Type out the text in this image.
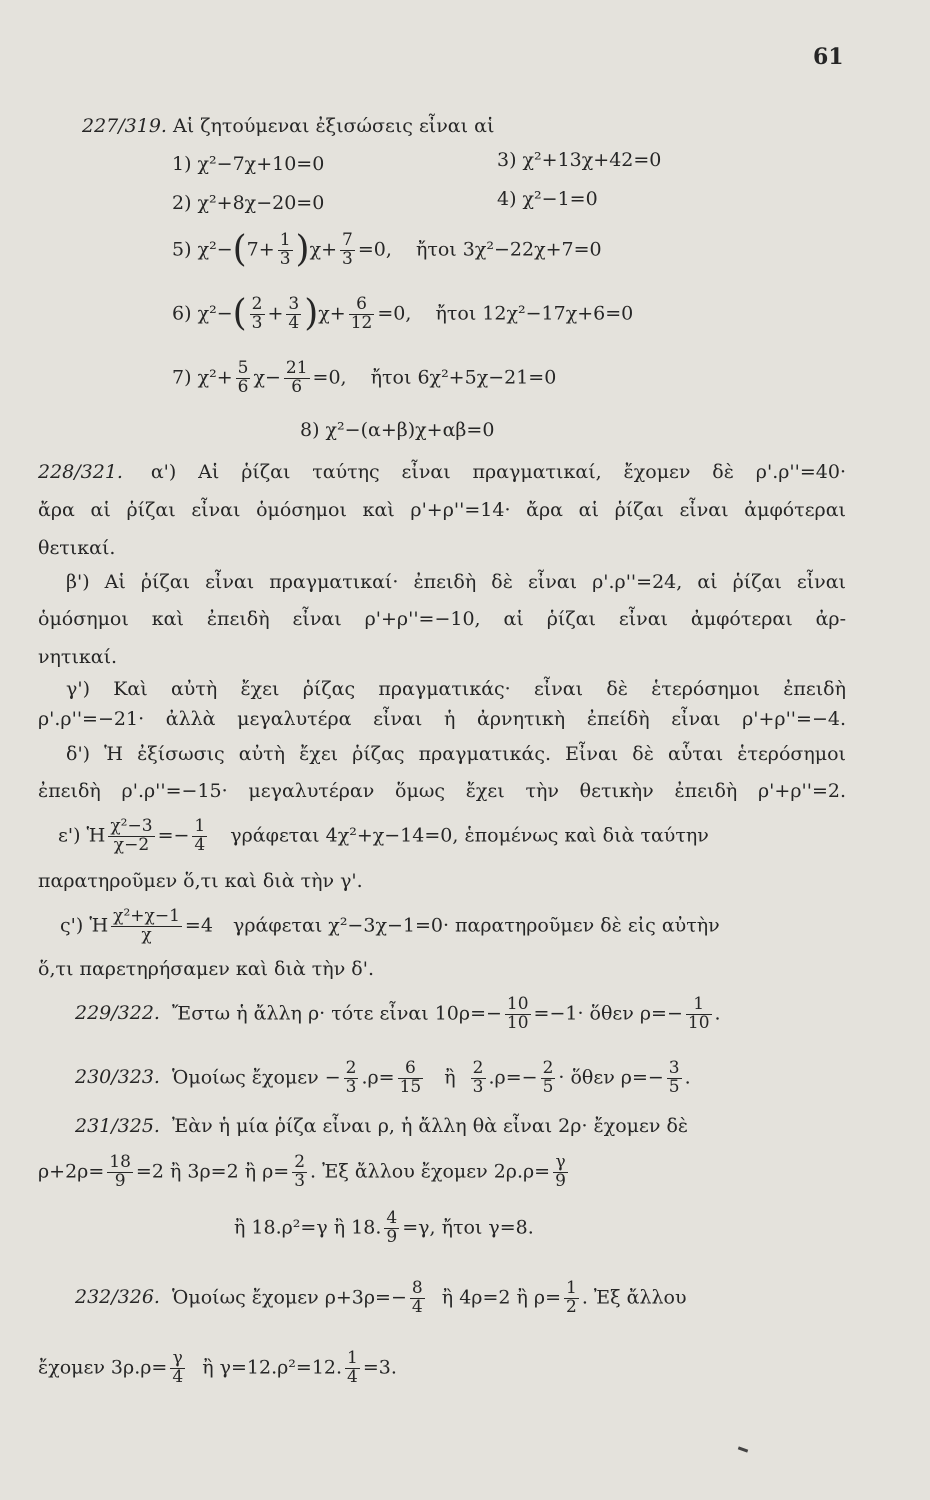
61
227/319. Αἱ ζητούμεναι ἐξισώσεις εἶναι αἱ
1) χ²−7χ+10=0	3) χ²+13χ+42=0
2) χ²+8χ−20=0	4) χ²−1=0
5) $\chi^2-(7+ \frac{1}{3} )\chi+ \frac{7}{3} =0$, ἤτοι 3χ²−22χ+7=0
6) $\chi^2-( \frac{2}{3} + \frac{3}{4} )\chi+ \frac{6}{12} =0$, ἤτοι 12χ²−17χ+6=0
7) $\chi^2+ \frac{5}{6} \chi- \frac{21}{6} =0$, ἤτοι 6χ²+5χ−21=0
8) χ²−(α+β)χ+αβ=0
228/321. α') Αἱ ῥίζαι ταύτης εἶναι πραγματικαί, ἔχομεν δὲ ρ'.ρ''=40·
ἄρα αἱ ῥίζαι εἶναι ὁμόσημοι καὶ ρ'+ρ''=14· ἄρα αἱ ῥίζαι εἶναι ἀμφότεραι
θετικαί.
β') Αἱ ῥίζαι εἶναι πραγματικαί· ἐπειδὴ δὲ εἶναι ρ'.ρ''=24, αἱ ῥίζαι εἶναι
ὁμόσημοι καὶ ἐπειδὴ εἶναι ρ'+ρ''=−10, αἱ ῥίζαι εἶναι ἀμφότεραι ἀρ-
νητικαί.
γ') Καὶ αὐτὴ ἔχει ῥίζας πραγματικάς· εἶναι δὲ ἑτερόσημοι ἐπειδὴ
ρ'.ρ''=−21· ἀλλὰ μεγαλυτέρα εἶναι ἡ ἀρνητικὴ ἐπείδὴ εἶναι ρ'+ρ''=−4.
δ') Ἡ ἐξίσωσις αὐτὴ ἔχει ῥίζας πραγματικάς. Εἶναι δὲ αὗται ἑτερόσημοι
ἐπειδὴ ρ'.ρ''=−15· μεγαλυτέραν ὅμως ἔχει τὴν θετικὴν ἐπειδὴ ρ'+ρ''=2.
ε') Ἡ $\frac{\text{χ²−3}}{\chi-2} =- \frac{1}{4}$ γράφεται 4χ²+χ−14=0, ἑπομένως καὶ διὰ ταύτην
παρατηροῦμεν ὅ,τι καὶ διὰ τὴν γ'.
ς') Ἡ $\frac{\text{χ²+χ−1}}{\chi} =4$ γράφεται χ²−3χ−1=0· παρατηροῦμεν δὲ εἰς αὐτὴν
ὅ,τι παρετηρήσαμεν καὶ διὰ τὴν δ'.
229/322. Ἔστω ἡ ἄλλη ρ· τότε εἶναι $10\rho=- \frac{10}{10} =-1\cdot$ ὅθεν $\rho=- \frac{1}{10}$ .
230/323. Ὁμοίως ἔχομεν − $\frac{2}{3} .\rho= \frac{6}{15}$ ἢ $\frac{2}{3} .\rho=- \frac{2}{5}$ · ὅθεν $\rho=- \frac{3}{5}$ .
231/325. Ἐὰν ἡ μία ῥίζα εἶναι ρ, ἡ ἄλλη θὰ εἶναι 2ρ· ἔχομεν δὲ
$\rho+2\rho= \frac{18}{9} =2$ ἢ 3ρ=2 ἢ $\rho= \frac{2}{3}$ . Ἐξ ἄλλου ἔχομεν $2\rho.\rho= \frac{\gamma}{9}$
ἢ 18.ρ²=γ ἢ 18. $\frac{4}{9} =\gamma$, ἤτοι γ=8.
232/326. Ὁμοίως ἔχομεν $\rho+3\rho=- \frac{8}{4}$ ἢ 4ρ=2 ἢ $\rho= \frac{1}{2}$ . Ἐξ ἄλλου
ἔχομεν $3\rho.\rho= \frac{\gamma}{4}$ ἢ γ=12.ρ²=12. $\frac{1}{4} =3$.
